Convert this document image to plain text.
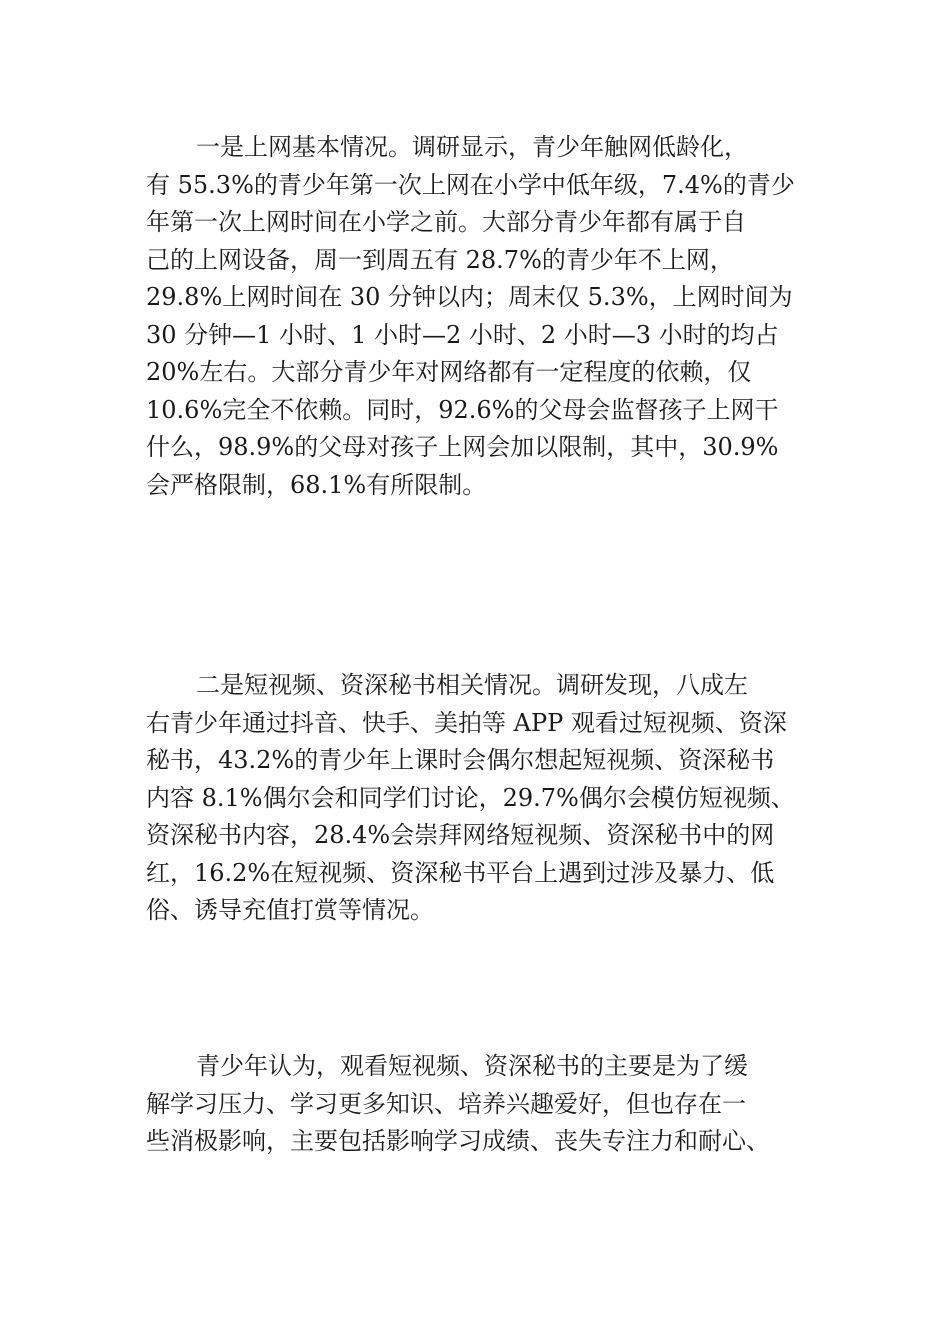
一是上网基本情况。调研显示，青少年触网低龄化，
有 55.3%的青少年第一次上网在小学中低年级，7.4%的青少
年第一次上网时间在小学之前。大部分青少年都有属于自
己的上网设备，周一到周五有 28.7%的青少年不上网，
29.8%上网时间在 30 分钟以内；周末仅 5.3%，上网时间为
30 分钟—1 小时、1 小时—2 小时、2 小时—3 小时的均占
20%左右。大部分青少年对网络都有一定程度的依赖，仅
10.6%完全不依赖。同时，92.6%的父母会监督孩子上网干
什么，98.9%的父母对孩子上网会加以限制，其中，30.9%
会严格限制，68.1%有所限制。
二是短视频、资深秘书相关情况。调研发现，八成左
右青少年通过抖音、快手、美拍等 APP 观看过短视频、资深
秘书，43.2%的青少年上课时会偶尔想起短视频、资深秘书
内容 8.1%偶尔会和同学们讨论，29.7%偶尔会模仿短视频、
资深秘书内容，28.4%会崇拜网络短视频、资深秘书中的网
红，16.2%在短视频、资深秘书平台上遇到过涉及暴力、低
俗、诱导充值打赏等情况。
青少年认为，观看短视频、资深秘书的主要是为了缓
解学习压力、学习更多知识、培养兴趣爱好，但也存在一
些消极影响，主要包括影响学习成绩、丧失专注力和耐心、
